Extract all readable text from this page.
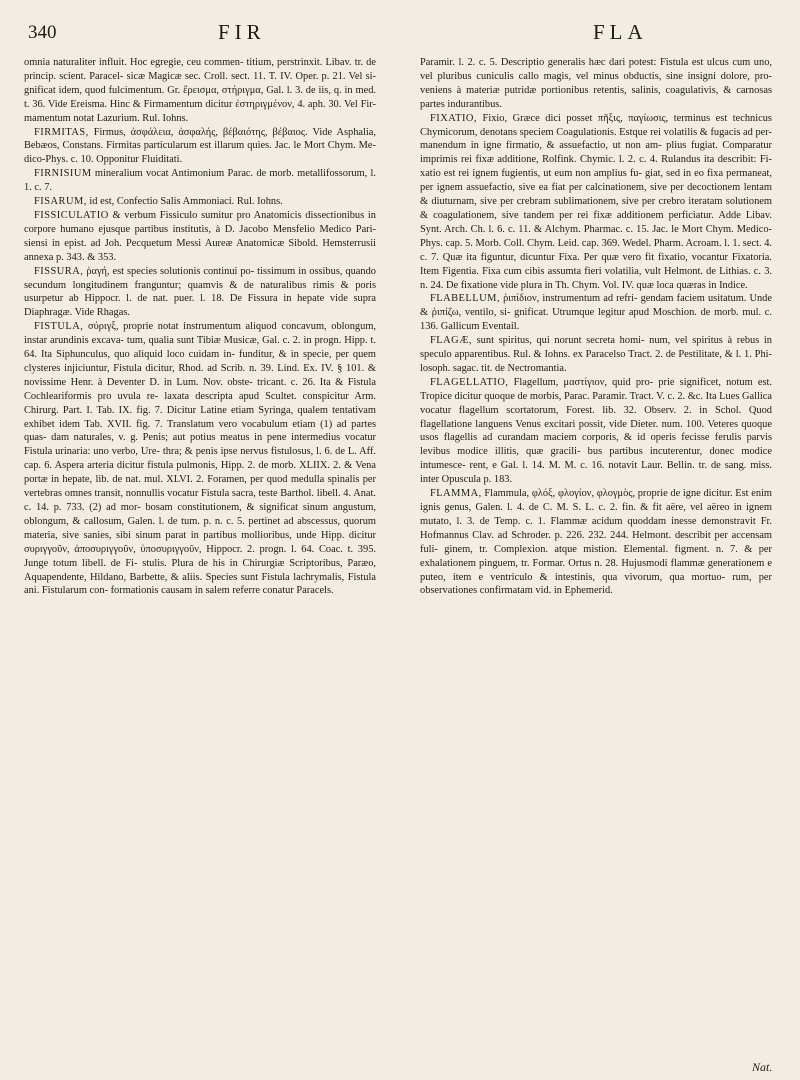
340	FIR	FLA

omnia naturaliter influit. Hoc egregie, ceu commen- titium, perstrinxit. Libav. tr. de princip. scient. Paracel- sicæ Magicæ sec. Croll. sect. 11. T. IV. Oper. p. 21. Vel si- gnificat idem, quod fulcimentum. Gr. ἔρεισμα, στήριγμα, Gal. l. 3. de iis, q. in med. t. 36. Vide Ereisma. Hinc & Firmamentum dicitur ἐστηριγμένον, 4. aph. 30. Vel Fir- mamentum notat Lazurium. Rul. Iohns.

FIRMITAS, Firmus, ἀσφάλεια, ἀσφαλής, βέβαιότης, βέβαιος. Vide Asphalia, Bebæos, Constans. Firmitas particularum est illarum quies. Jac. le Mort Chym. Me- dico-Phys. c. 10. Opponitur Fluiditati.

FIRNISIUM mineralium vocat Antimonium Parac. de morb. metallifossorum, l. 1. c. 7.

FISARUM, id est, Confectio Salis Ammoniaci. Rul. Iohns.

FISSICULATIO & verbum Fissiculo sumitur pro Anatomicis dissectionibus in corpore humano ejusque partibus institutis, à D. Jacobo Mensfelio Medico Pari- siensi in epist. ad Joh. Pecquetum Messi Aureæ Anatomicæ Sibold. Hemsterrusii annexa p. 343. & 353.

FISSURA, ῥαγή, est species solutionis continui po- tissimum in ossibus, quando secundum longitudinem franguntur; quamvis & de naturalibus rimis & poris usurpetur ab Hippocr. l. de nat. puer. l. 18. De Fissura in hepate vide supra Diaphragæ. Vide Rhagas.

FISTULA, σύριγξ, proprie notat instrumentum aliquod concavum, oblongum, instar arundinis excava- tum, qualia sunt Tibiæ Musicæ, Gal. c. 2. in progn. Hipp. t. 64. Ita Siphunculus, quo aliquid loco cuidam in- funditur, & in specie, per quem clysteres injiciuntur, Fistula dicitur, Rhod. ad Scrib. n. 39. Lind. Ex. IV. § 101. & novissime Henr. à Deventer D. in Lum. Nov. obste- tricant. c. 26. Ita & Fistula Cochleariformis pro uvula re- laxata descripta apud Scultet. conspicitur Arm. Chirurg. Part. I. Tab. IX. fig. 7. Dicitur Latine etiam Syringa, qualem tentativam exhibet idem Tab. XVII. fig. 7. Translatum vero vocabulum etiam (1) ad partes quas- dam naturales, v. g. Penis; aut potius meatus in pene intermedius vocatur Fistula urinaria: uno verbo, Ure- thra; & penis ipse nervus fistulosus, l. 6. de L. Aff. cap. 6. Aspera arteria dicitur fistula pulmonis, Hipp. 2. de morb. XLIIX. 2. & Vena portæ in hepate, lib. de nat. mul. XLVI. 2. Foramen, per quod medulla spinalis per vertebras omnes transit, nonnullis vocatur Fistula sacra, teste Barthol. libell. 4. Anat. c. 14. p. 733. (2) ad mor- bosam constitutionem, & significat sinum angustum, oblongum, & callosum, Galen. l. de tum. p. n. c. 5. pertinet ad abscessus, quorum materia, sive sanies, sibi sinum parat in partibus mollioribus, unde Hipp. dicitur συριγγοῦν, ἀποσυριγγοῦν, ὑποσυριγγοῦν, Hippocr. 2. progn. l. 64. Coac. t. 395. Junge totum libell. de Fi- stulis. Plura de his in Chirurgiæ Scriptoribus, Paræo, Aquapendente, Hildano, Barbette, & aliis. Species sunt Fistula lachrymalis, Fistula ani. Fistularum con- formationis causam in salem referre conatur Paracels.

Paramir. l. 2. c. 5. Descriptio generalis hæc dari potest: Fistula est ulcus cum uno, vel pluribus cuniculis callo magis, vel minus obductis, sine insigni dolore, pro- veniens à materiæ putridæ portionibus retentis, salinis, coagulativis, & carnosas partes indurantibus.

FIXATIO, Fixio, Græce dici posset πῆξις, παγίωσις, terminus est technicus Chymicorum, denotans speciem Coagulationis. Estque rei volatilis & fugacis ad per- manendum in igne firmatio, & assuefactio, ut non am- plius fugiat. Comparatur imprimis rei fixæ additione, Rolfink. Chymic. l. 2. c. 4. Rulandus ita describit: Fi- xatio est rei ignem fugientis, ut eum non amplius fu- giat, sed in eo fixa permaneat, per ignem assuefactio, sive ea fiat per calcinationem, sive per decoctionem lentam & diuturnam, sive per crebram sublimationem, sive per crebro iteratam solutionem & coagulationem, sive tandem per rei fixæ additionem perficiatur. Adde Libav. Synt. Arch. Ch. l. 6. c. 11. & Alchym. Pharmac. c. 15. Jac. le Mort Chym. Medico-Phys. cap. 5. Morb. Coll. Chym. Leid. cap. 369. Wedel. Pharm. Acroam. l. 1. sect. 4. c. 7. Quæ ita figuntur, dicuntur Fixa. Per quæ vero fit fixatio, vocantur Fixatoria. Item Figentia. Fixa cum cibis assumta fieri volatilia, vult Helmont. de Lithias. c. 3. n. 24. De fixatione vide plura in Th. Chym. Vol. IV. quæ loca quæras in Indice.

FLABELLUM, ῥιπίδιον, instrumentum ad refri- gendam faciem usitatum. Unde & ῥιπίζω, ventilo, si- gnificat. Utrumque legitur apud Moschion. de morb. mul. c. 136. Gallicum Eventail.

FLAGÆ, sunt spiritus, qui norunt secreta homi- num, vel spiritus à rebus in speculo apparentibus. Rul. & Iohns. ex Paracelso Tract. 2. de Pestilitate, & l. 1. Phi- losoph. sagac. tit. de Nectromantia.

FLAGELLATIO, Flagellum, μαστίγιον, quid pro- prie significet, notum est. Tropice dicitur quoque de morbis, Parac. Paramir. Tract. V. c. 2. &c. Ita Lues Gallica vocatur flagellum scortatorum, Forest. lib. 32. Observ. 2. in Schol. Quod flagellatione languens Venus excitari possit, vide Dieter. num. 100. Veteres quoque usos flagellis ad curandam maciem corporis, & id operis fecisse ferulis parvis levibus modice illitis, quæ gracili- bus partibus incuterentur, donec modice intumesce- rent, e Gal. l. 14. M. M. c. 16. notavit Laur. Bellin. tr. de sang. miss. inter Opuscula p. 183.

FLAMMA, Flammula, φλόξ, φλογίον, φλογμὸς, proprie de igne dicitur. Est enim ignis genus, Galen. l. 4. de C. M. S. L. c. 2. fin. & fit aëre, vel aëreo in ignem mutato, l. 3. de Temp. c. 1. Flammæ acidum quoddam inesse demonstravit Fr. Hofmannus Clav. ad Schroder. p. 226. 232. 244. Helmont. describit per accensam fuli- ginem, tr. Complexion. atque mistion. Elemental. figment. n. 7. & per exhalationem pinguem, tr. Formar. Ortus n. 28. Hujusmodi flammæ generationem e puteo, item e ventriculo & intestinis, qua vivorum, qua mortuo- rum, per observationes confirmatam vid. in Ephemerid.

Nat.
